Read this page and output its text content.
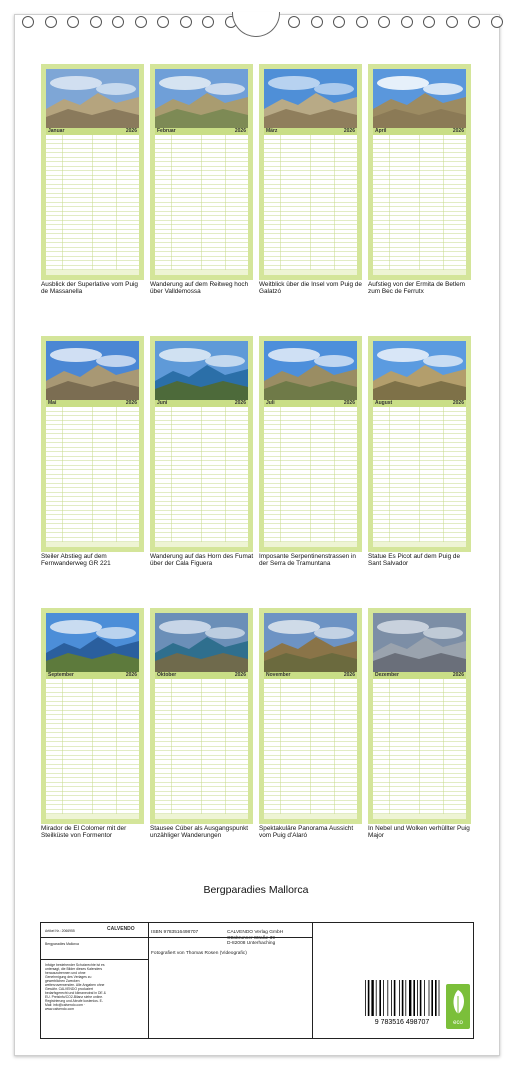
Januar	2026
Ausblick der Superlative vom Puig de Massanella
Februar	2026
Wanderung auf dem Reitweg hoch über Valldemossa
März	2026
Weitblick über die Insel vom Puig de Galatzó
April	2026
Aufstieg von der Ermita de Betlem zum Bec de Ferrutx
Mai	2026
Steiler Abstieg auf dem Fernwanderweg GR 221
Juni	2026
Wanderung auf das Horn des Fumat über der Cala Figuera
Juli	2026
Imposante Serpentinenstrassen in der Serra de Tramuntana
August	2026
Statue Es Picot auf dem Puig de Sant Salvador
September	2026
Mirador de El Colomer mit der Steilküste von Formentor
Oktober	2026
Stausee Cúber als Ausgangspunkt unzähliger Wanderungen
November	2026
Spektakuläre Panorama Aussicht vom Puig d'Alaró
Dezember	2026
In Nebel und Wolken verhüllter Puig Major
Bergparadies Mallorca
Artikel Nr.: 2066955	CALVENDO
Bergparadies Mallorca
Infolge bestehender Schutzrechte ist es untersagt, die Bilder dieses Kalenders herauszutrennen und ohne Genehmigung des Verlages zu gewerblichen Zwecken weiterzuverwenden. Alle Angaben ohne Gewähr. CALVENDO produziert bedarfsgerecht und klimaneutral in DE & EU. Preisinfo/CO2-Bilanz siehe online. Registrierung und Abrufe kostenlos. E-Mail: info@calvendo.com · www.calvendo.com
ISBN 9783516498707
Fotografiert von Thomas Rosen (Videografic)
CALVENDO Verlag GmbH
Ottobrunner Straße 39
D-82008 Unterhaching
9 783516 498707	eco
